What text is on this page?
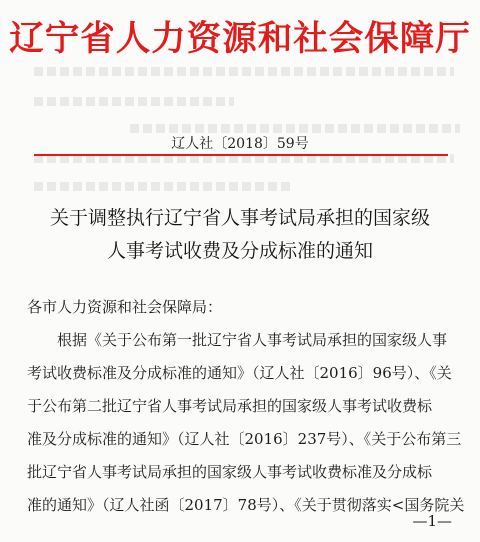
辽宁省人力资源和社会保障厅
辽人社〔2018〕59号
关于调整执行辽宁省人事考试局承担的国家级
人事考试收费及分成标准的通知
各市人力资源和社会保障局：
根据《关于公布第一批辽宁省人事考试局承担的国家级人事
考试收费标准及分成标准的通知》（辽人社〔2016〕96号）、《关
于公布第二批辽宁省人事考试局承担的国家级人事考试收费标
准及分成标准的通知》（辽人社〔2016〕237号）、《关于公布第三
批辽宁省人事考试局承担的国家级人事考试收费标准及分成标
准的通知》（辽人社函〔2017〕78号）、《关于贯彻落实<国务院关
—1—
